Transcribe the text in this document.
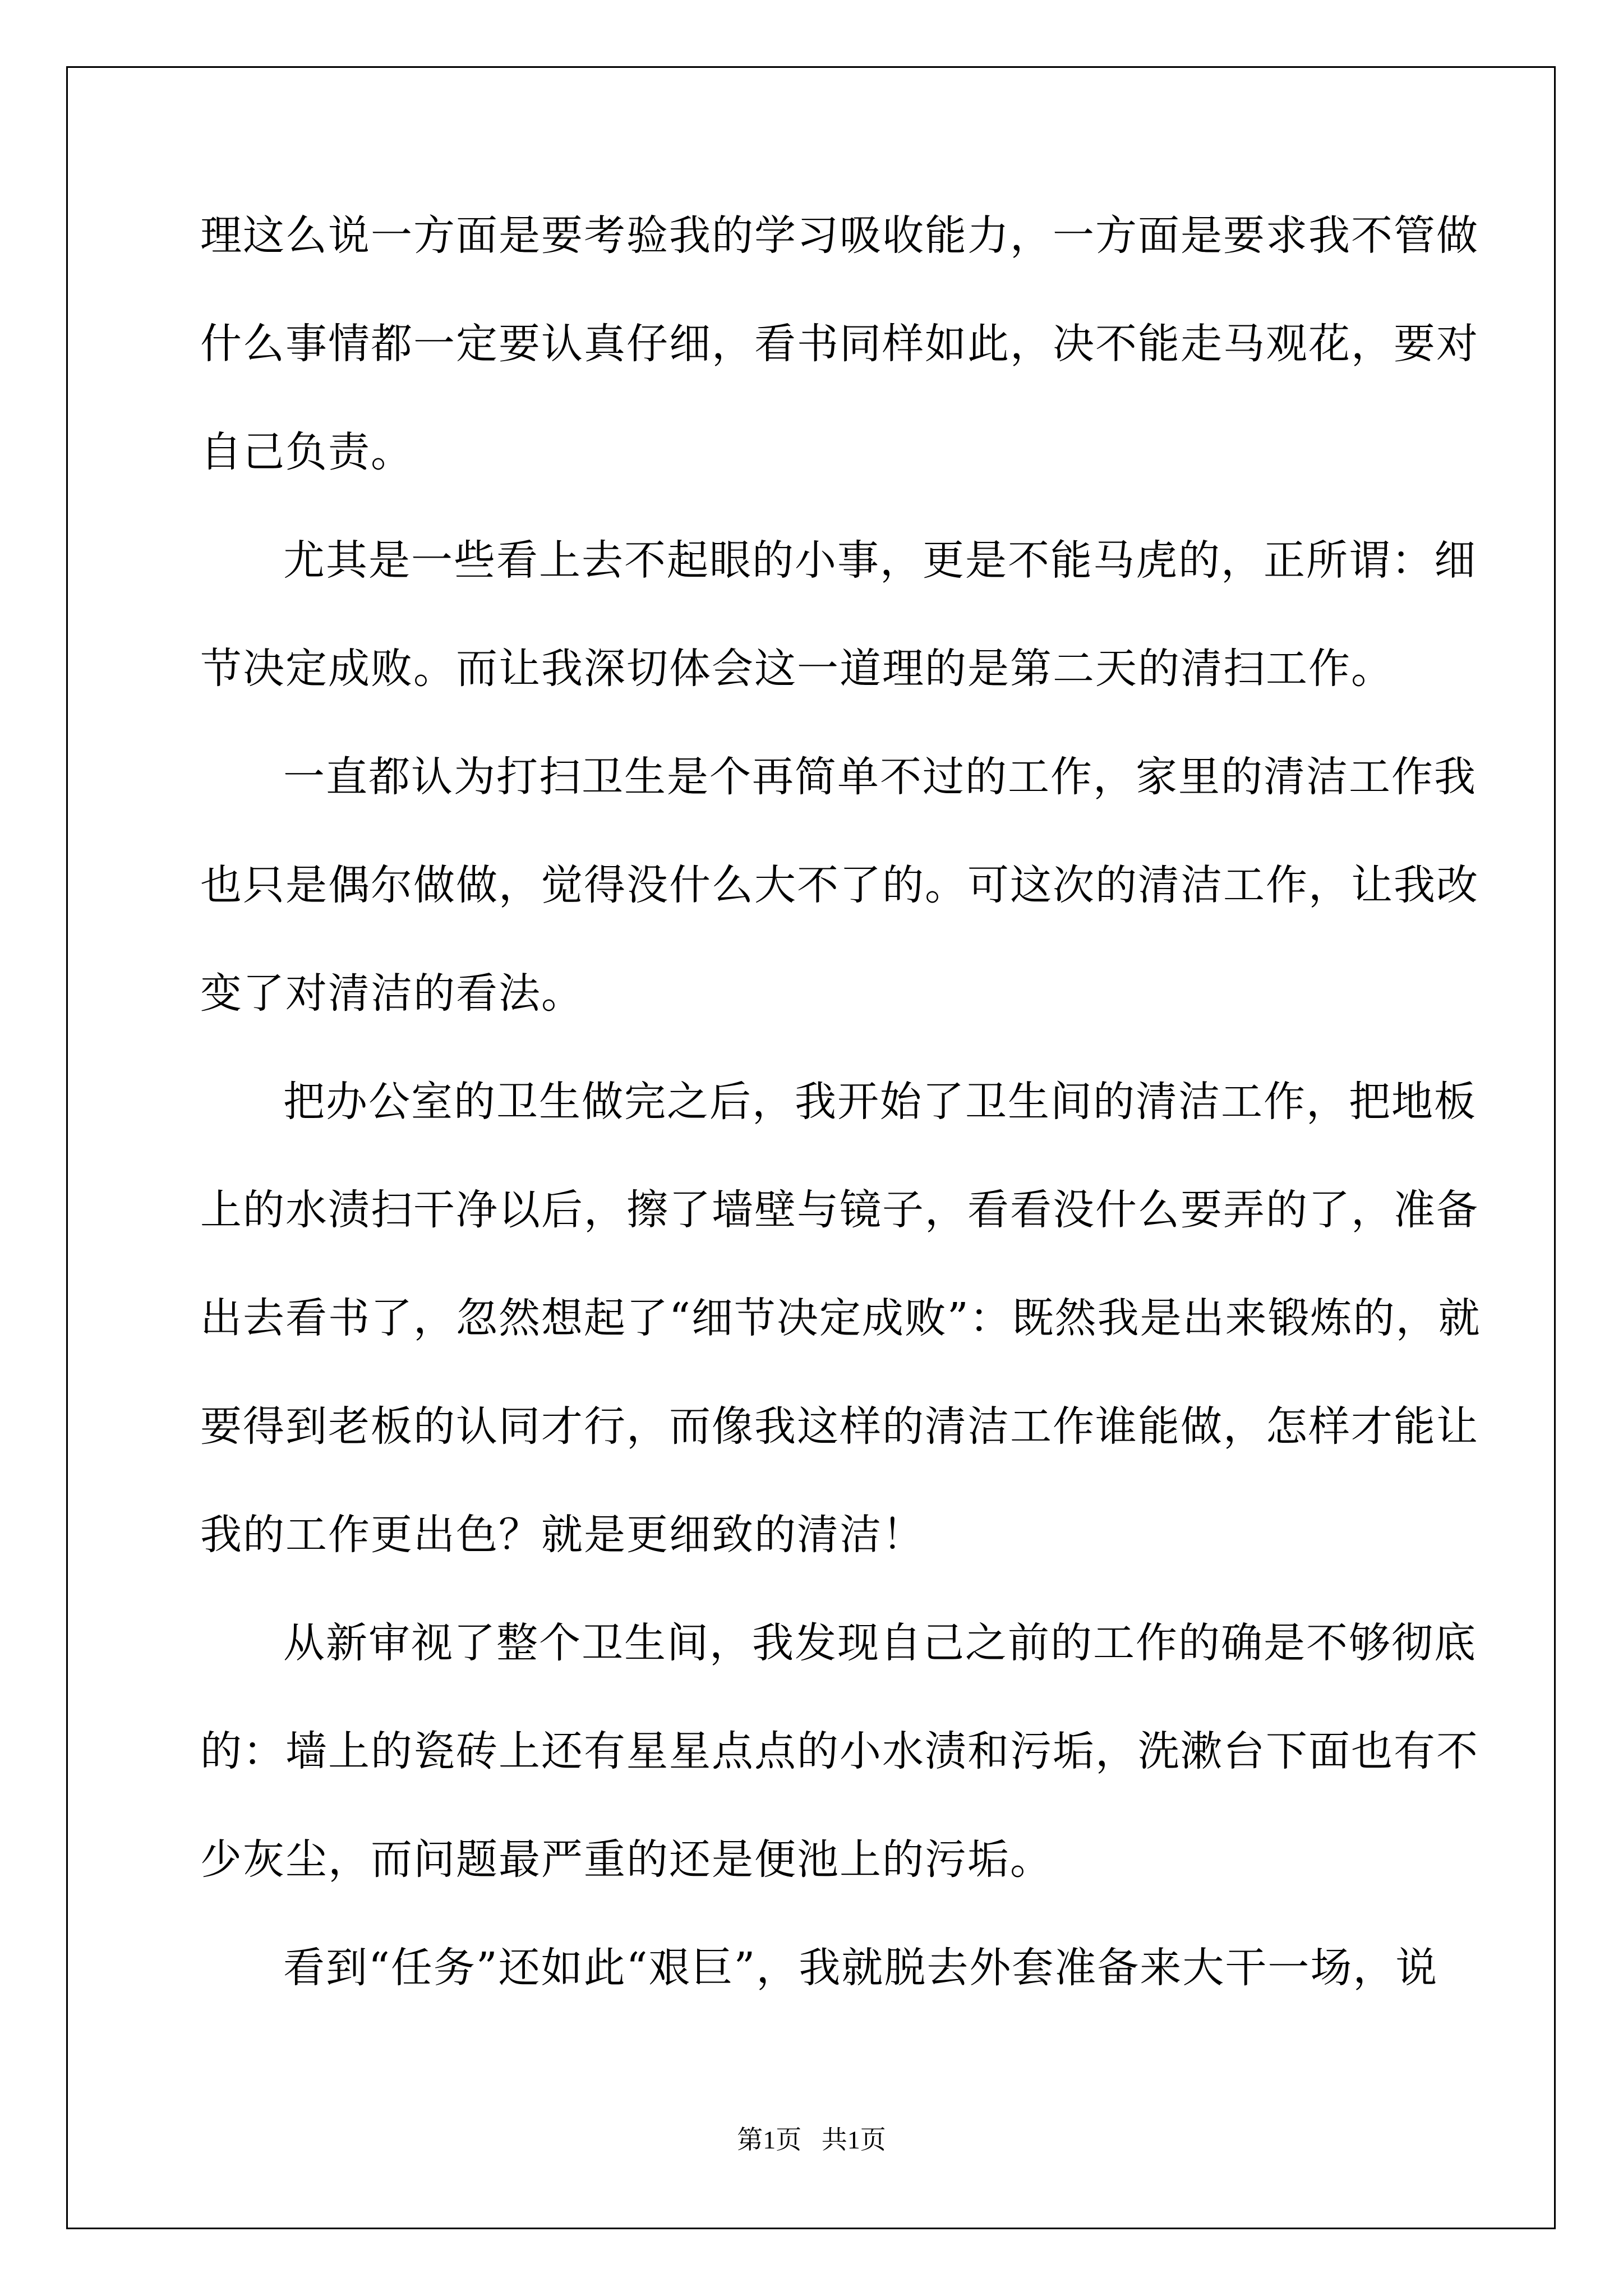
理这么说一方面是要考验我的学习吸收能力，一方面是要求我不管做
什么事情都一定要认真仔细，看书同样如此，决不能走马观花，要对
自己负责。
尤其是一些看上去不起眼的小事，更是不能马虎的，正所谓：细
节决定成败。而让我深切体会这一道理的是第二天的清扫工作。
一直都认为打扫卫生是个再简单不过的工作，家里的清洁工作我
也只是偶尔做做，觉得没什么大不了的。可这次的清洁工作，让我改
变了对清洁的看法。
把办公室的卫生做完之后，我开始了卫生间的清洁工作，把地板
上的水渍扫干净以后，擦了墙壁与镜子，看看没什么要弄的了，准备
出去看书了，忽然想起了“细节决定成败”：既然我是出来锻炼的，就
要得到老板的认同才行，而像我这样的清洁工作谁能做，怎样才能让
我的工作更出色？就是更细致的清洁！
从新审视了整个卫生间，我发现自己之前的工作的确是不够彻底
的：墙上的瓷砖上还有星星点点的小水渍和污垢，洗漱台下面也有不
少灰尘，而问题最严重的还是便池上的污垢。
看到“任务”还如此“艰巨”，我就脱去外套准备来大干一场，说
第1页 共1页
